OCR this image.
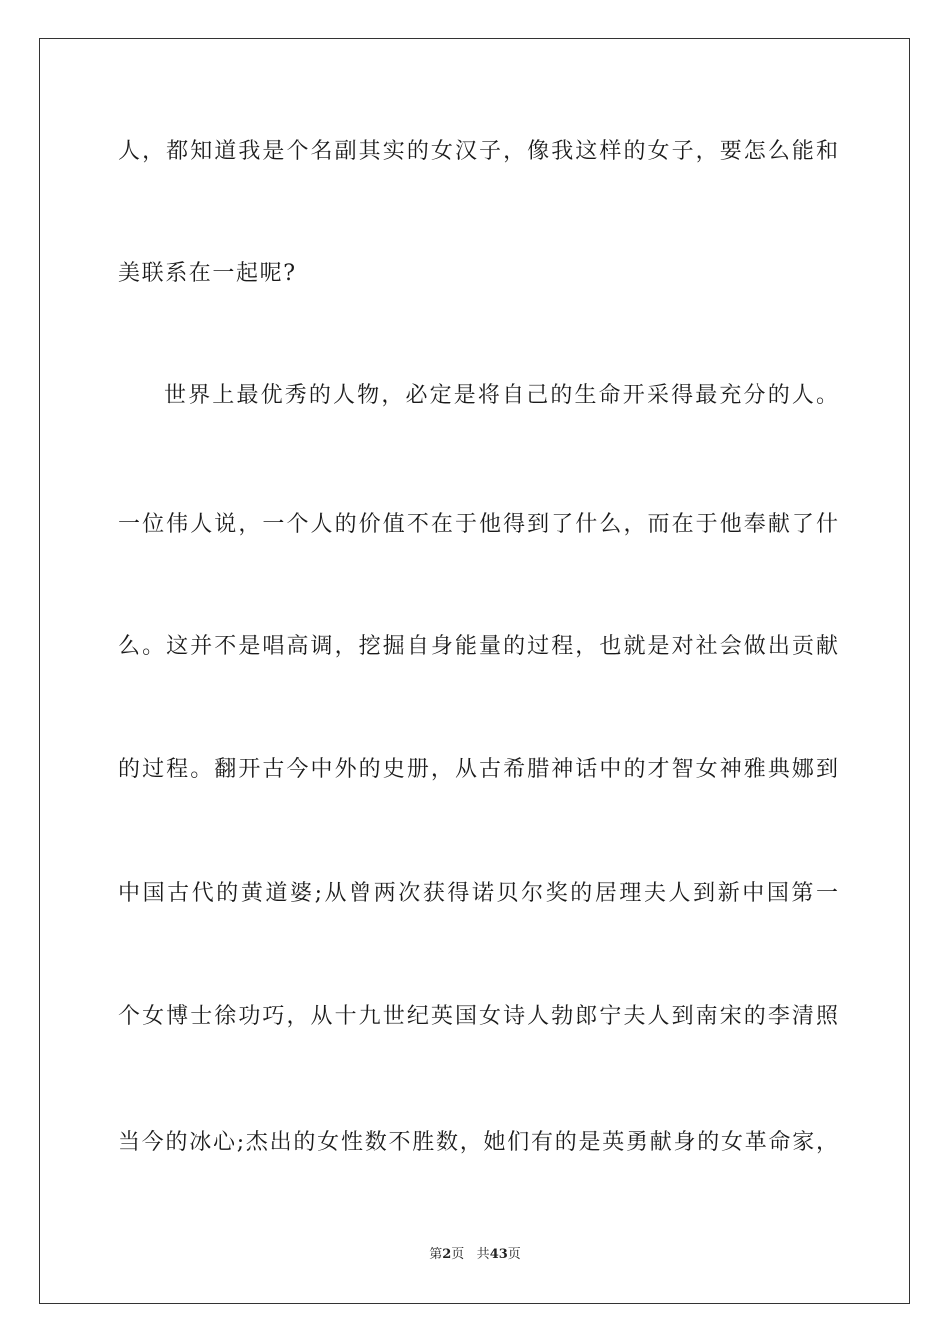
人，都知道我是个名副其实的女汉子，像我这样的女子，要怎么能和
美联系在一起呢?
世界上最优秀的人物，必定是将自己的生命开采得最充分的人。
一位伟人说，一个人的价值不在于他得到了什么，而在于他奉献了什
么。这并不是唱高调，挖掘自身能量的过程，也就是对社会做出贡献
的过程。翻开古今中外的史册，从古希腊神话中的才智女神雅典娜到
中国古代的黄道婆;从曾两次获得诺贝尔奖的居理夫人到新中国第一
个女博士徐功巧，从十九世纪英国女诗人勃郎宁夫人到南宋的李清照
当今的冰心;杰出的女性数不胜数，她们有的是英勇献身的女革命家，
第2页 共43页
